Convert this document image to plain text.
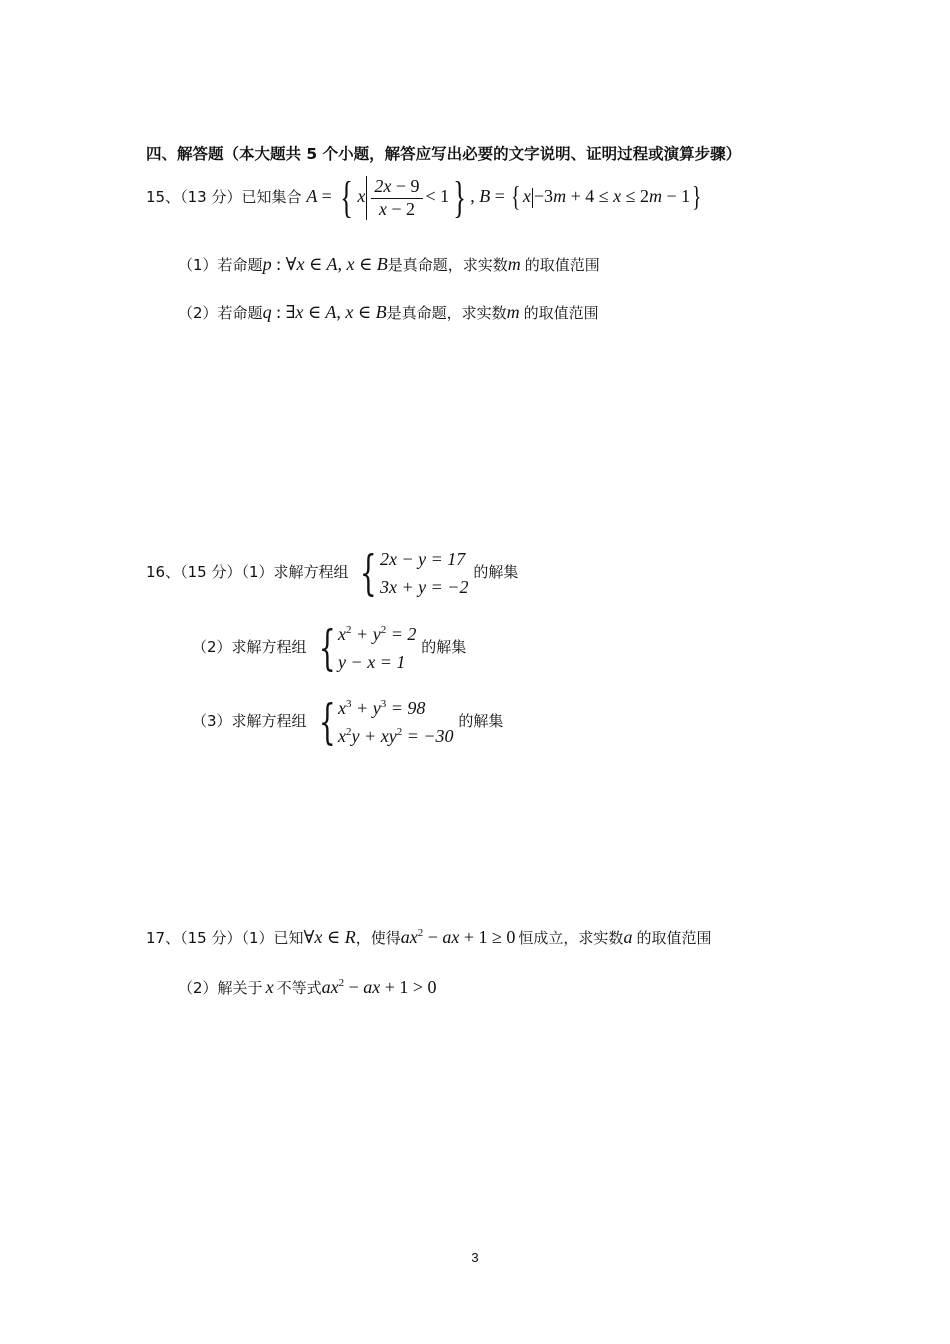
四、解答题（本大题共 5 个小题，解答应写出必要的文字说明、证明过程或演算步骤）
15、（13 分）已知集合 A = { x $\frac{2x - 9}{x - 2} < 1$} , B = { x −3m + 4 ≤ x ≤ 2m − 1}
（1）若命题p : ∀x ∈ A, x ∈ B是真命题，求实数m 的取值范围
（2）若命题q : ∃x ∈ A, x ∈ B是真命题，求实数m 的取值范围
16、（15 分）（1）求解方程组 { 2x − y = 17
3x + y = −2
的解集
（2）求解方程组 { $x^2 + y^2 = 2$
y − x = 1
的解集
（3）求解方程组 { $x^3 + y^3 = 98$
$x^2y + xy^2 = -30$
的解集
17、（15 分）（1）已知∀x ∈ R，使得$ax^2$ − ax + 1 ≥ 0 恒成立，求实数a 的取值范围
（2）解关于 x 不等式$ax^2$ − ax + 1 > 0
3
